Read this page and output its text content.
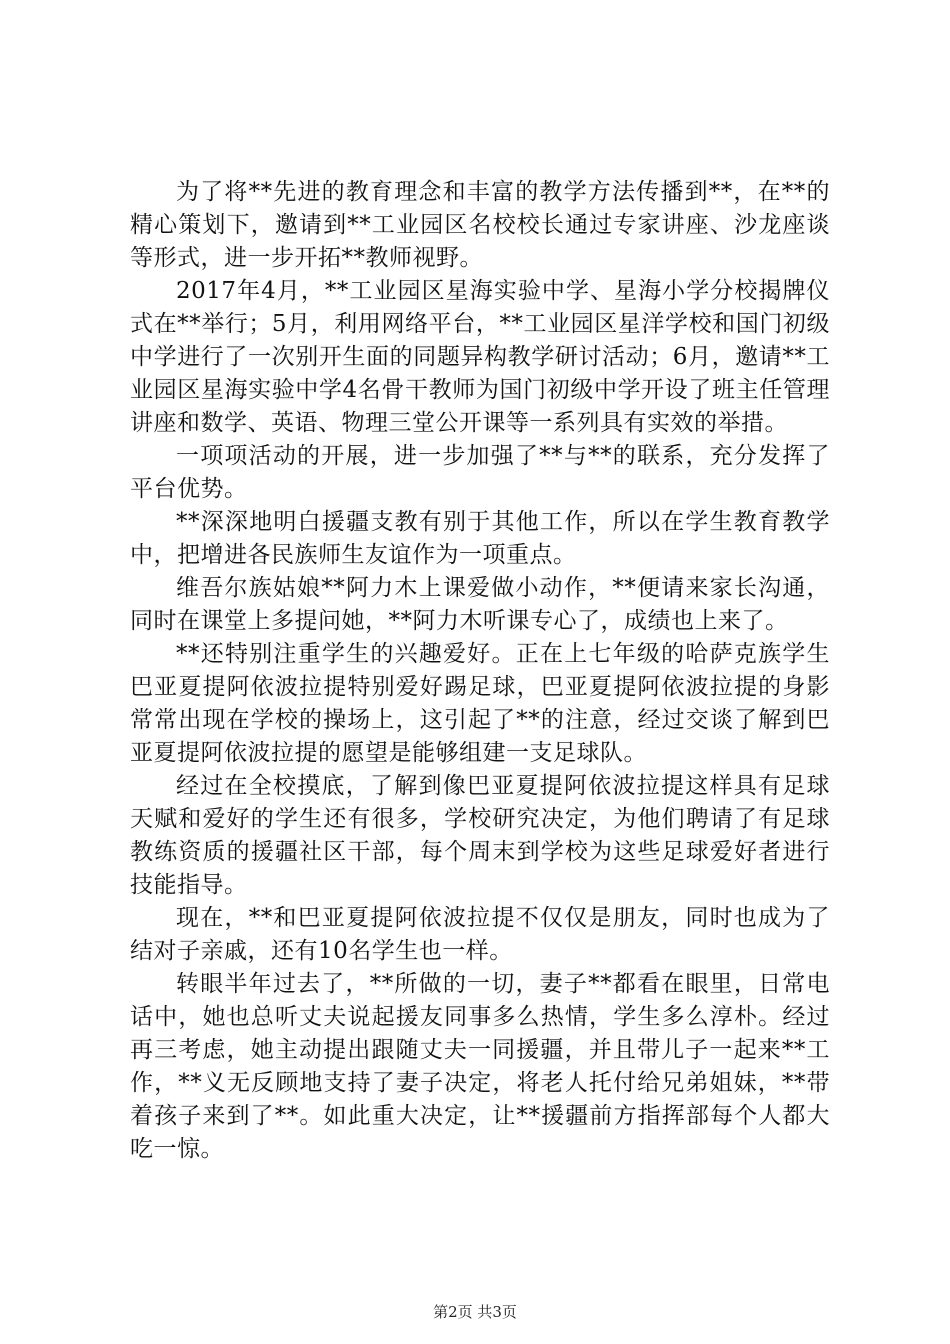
为了将**先进的教育理念和丰富的教学方法传播到**，在**的精心策划下，邀请到**工业园区名校校长通过专家讲座、沙龙座谈等形式，进一步开拓**教师视野。

2017年4月，**工业园区星海实验中学、星海小学分校揭牌仪式在**举行；5月，利用网络平台，**工业园区星洋学校和国门初级中学进行了一次别开生面的同题异构教学研讨活动；6月，邀请**工业园区星海实验中学4名骨干教师为国门初级中学开设了班主任管理讲座和数学、英语、物理三堂公开课等一系列具有实效的举措。

一项项活动的开展，进一步加强了**与**的联系，充分发挥了平台优势。

**深深地明白援疆支教有别于其他工作，所以在学生教育教学中，把增进各民族师生友谊作为一项重点。

维吾尔族姑娘**阿力木上课爱做小动作，**便请来家长沟通，同时在课堂上多提问她，**阿力木听课专心了，成绩也上来了。

**还特别注重学生的兴趣爱好。正在上七年级的哈萨克族学生巴亚夏提阿依波拉提特别爱好踢足球，巴亚夏提阿依波拉提的身影常常出现在学校的操场上，这引起了**的注意，经过交谈了解到巴亚夏提阿依波拉提的愿望是能够组建一支足球队。

经过在全校摸底，了解到像巴亚夏提阿依波拉提这样具有足球天赋和爱好的学生还有很多，学校研究决定，为他们聘请了有足球教练资质的援疆社区干部，每个周末到学校为这些足球爱好者进行技能指导。

现在，**和巴亚夏提阿依波拉提不仅仅是朋友，同时也成为了结对子亲戚，还有10名学生也一样。

转眼半年过去了，**所做的一切，妻子**都看在眼里，日常电话中，她也总听丈夫说起援友同事多么热情，学生多么淳朴。经过再三考虑，她主动提出跟随丈夫一同援疆，并且带儿子一起来**工作，**义无反顾地支持了妻子决定，将老人托付给兄弟姐妹，**带着孩子来到了**。如此重大决定，让**援疆前方指挥部每个人都大吃一惊。

第2页 共3页
